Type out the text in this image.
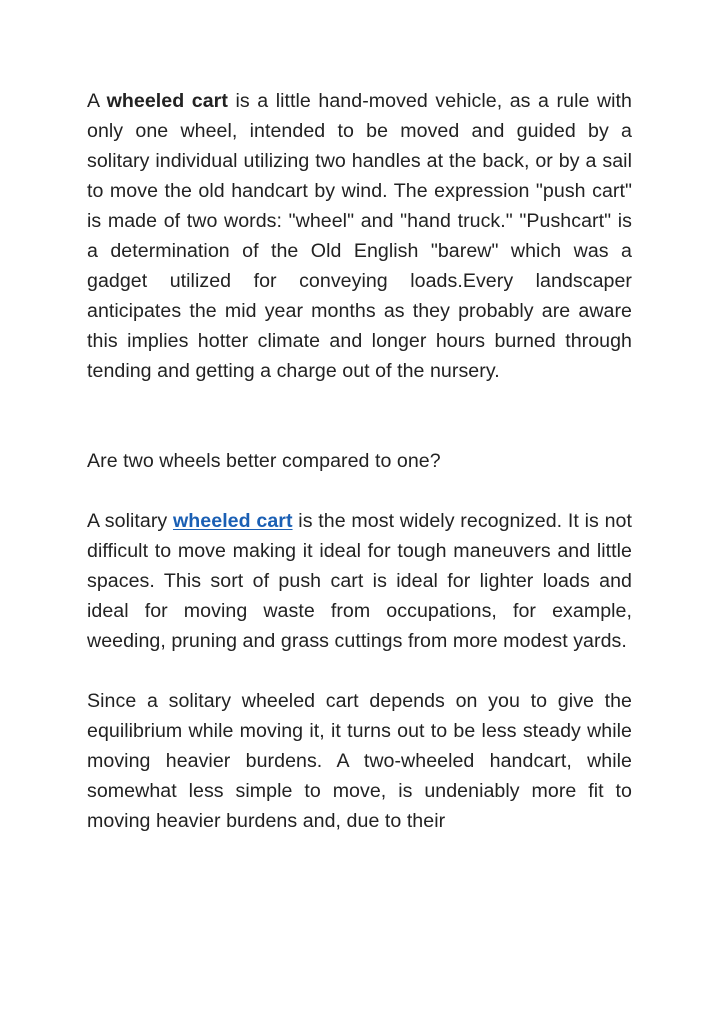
A wheeled cart is a little hand-moved vehicle, as a rule with only one wheel, intended to be moved and guided by a solitary individual utilizing two handles at the back, or by a sail to move the old handcart by wind. The expression "push cart" is made of two words: "wheel" and "hand truck." "Pushcart" is a determination of the Old English "barew" which was a gadget utilized for conveying loads.Every landscaper anticipates the mid year months as they probably are aware this implies hotter climate and longer hours burned through tending and getting a charge out of the nursery.

Are two wheels better compared to one?

A solitary wheeled cart is the most widely recognized. It is not difficult to move making it ideal for tough maneuvers and little spaces. This sort of push cart is ideal for lighter loads and ideal for moving waste from occupations, for example, weeding, pruning and grass cuttings from more modest yards.

Since a solitary wheeled cart depends on you to give the equilibrium while moving it, it turns out to be less steady while moving heavier burdens. A two-wheeled handcart, while somewhat less simple to move, is undeniably more fit to moving heavier burdens and, due to their
